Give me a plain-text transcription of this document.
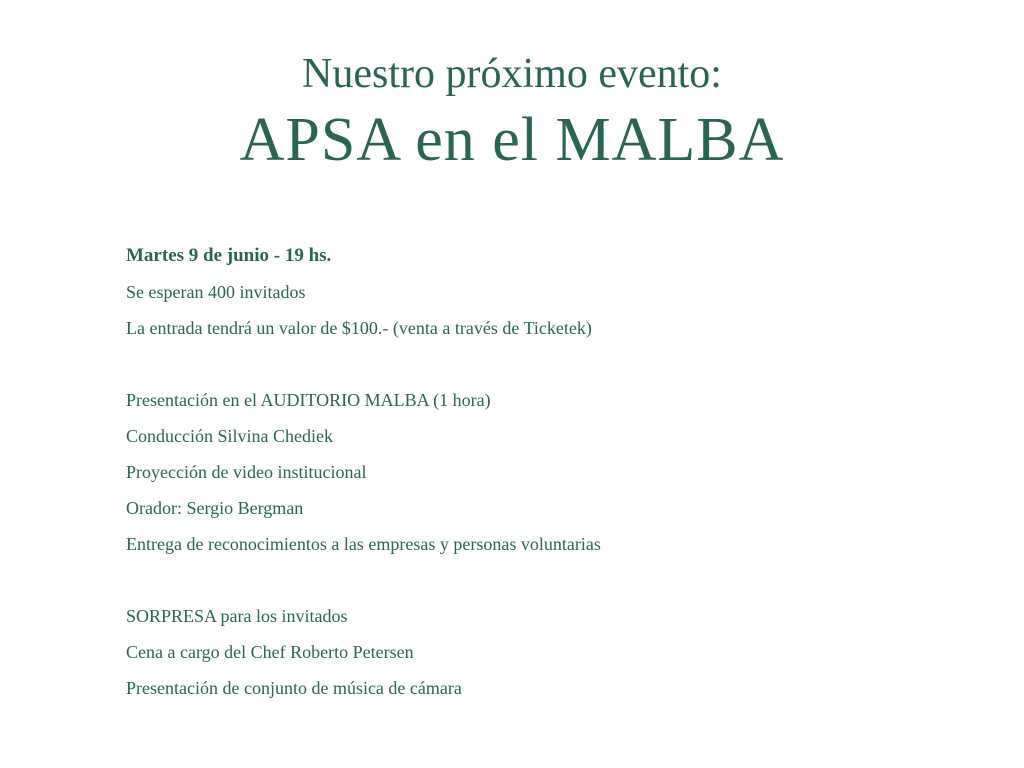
Nuestro próximo evento:
APSA en el MALBA
Martes 9 de junio - 19 hs.
Se esperan 400 invitados
La entrada tendrá un valor de $100.- (venta a través de Ticketek)
Presentación en el AUDITORIO MALBA (1 hora)
Conducción Silvina Chediek
Proyección de video institucional
Orador: Sergio Bergman
Entrega de reconocimientos a las empresas y personas voluntarias
SORPRESA para los invitados
Cena a cargo del Chef Roberto Petersen
Presentación de conjunto de música de cámara
